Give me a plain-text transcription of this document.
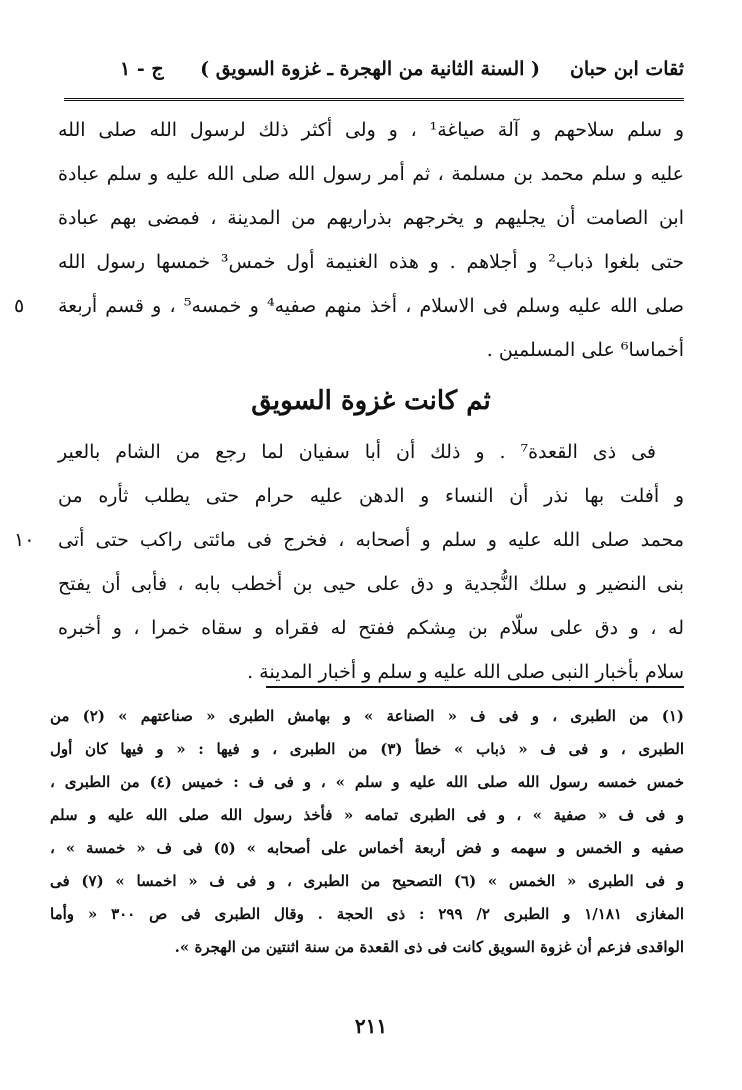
ثقات ابن حبان
( السنة الثانية من الهجرة ـ غزوة السويق )
ج - ١
و سلم سلاحهم و آلة صياغة¹ ، و ولى أكثر ذلك لرسول الله صلى الله
عليه و سلم محمد بن مسلمة ، ثم أمر رسول الله صلى الله عليه و سلم عبادة
ابن الصامت أن يجليهم و يخرجهم بذراريهم من المدينة ، فمضى بهم عبادة
حتى بلغوا ذباب² و أجلاهم . و هذه الغنيمة أول خمس³ خمسها رسول الله
صلى الله عليه وسلم فى الاسلام ، أخذ منهم صفيه⁴ و خمسه⁵ ، و قسم أربعة
٥
أخماسا⁶ على المسلمين .
ثم كانت غزوة السويق
فى ذى القعدة⁷ . و ذلك أن أبا سفيان لما رجع من الشام بالعير
و أفلت بها نذر أن النساء و الدهن عليه حرام حتى يطلب ثأره من
محمد صلى الله عليه و سلم و أصحابه ، فخرج فى مائتى راكب حتى أتى
١٠
بنى النضير و سلك النُّجدية و دق على حيى بن أخطب بابه ، فأبى أن يفتح
له ، و دق على سلّام بن مِشكم ففتح له فقراه و سقاه خمرا ، و أخبره
سلام بأخبار النبى صلى الله عليه و سلم و أخبار المدينة .
(١) من الطبرى ، و فى ف « الصناعة » و بهامش الطبرى « صناعتهم » (٢) من
الطبرى ، و فى ف « ذباب » خطأ (٣) من الطبرى ، و فيها : « و فيها كان أول
خمس خمسه رسول الله صلى الله عليه و سلم » ، و فى ف : خميس (٤) من الطبرى ،
و فى ف « صفية » ، و فى الطبرى تمامه « فأخذ رسول الله صلى الله عليه و سلم
صفيه و الخمس و سهمه و فض أربعة أخماس على أصحابه » (٥) فى ف « خمسة » ،
و فى الطبرى « الخمس » (٦) التصحيح من الطبرى ، و فى ف « اخمسا » (٧) فى
المغازى ١/١٨١ و الطبرى ٢/ ٢٩٩ : ذى الحجة . وقال الطبرى فى ص ٣٠٠ « وأما
الواقدى فزعم أن غزوة السويق كانت فى ذى القعدة من سنة اثنتين من الهجرة ».
٢١١
